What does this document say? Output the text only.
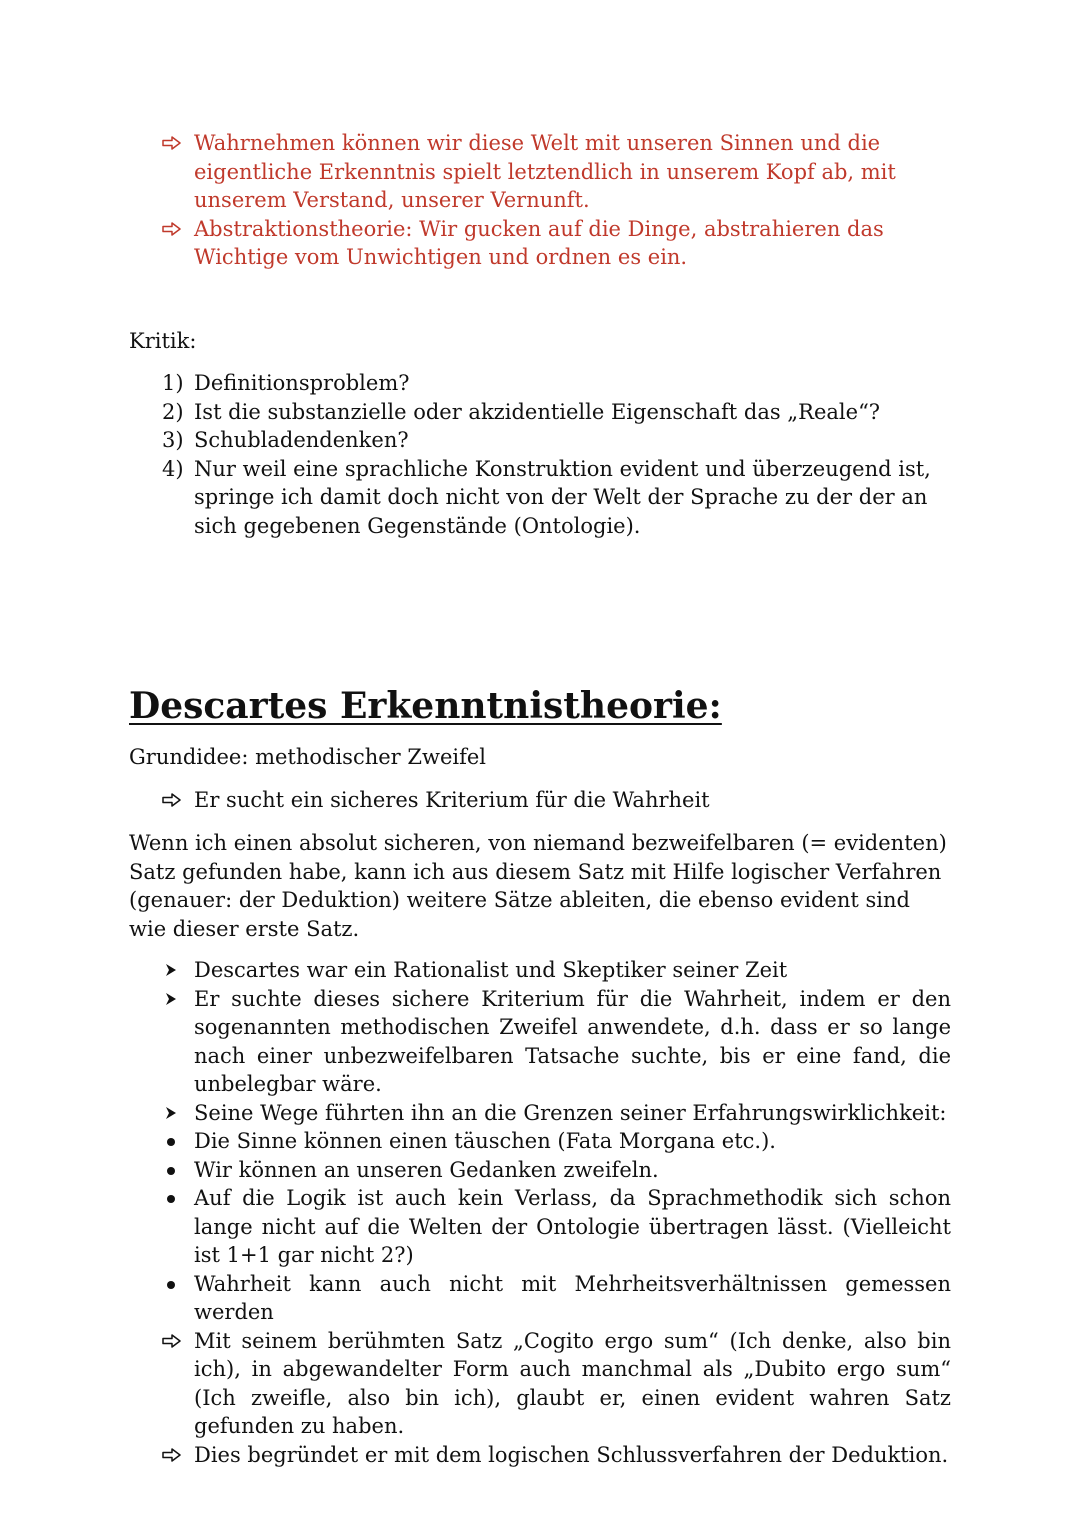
Wahrnehmen können wir diese Welt mit unseren Sinnen und die eigentliche Erkenntnis spielt letztendlich in unserem Kopf ab, mit unserem Verstand, unserer Vernunft.
Abstraktionstheorie: Wir gucken auf die Dinge, abstrahieren das Wichtige vom Unwichtigen und ordnen es ein.

Kritik:

1) Definitionsproblem?
2) Ist die substanzielle oder akzidentielle Eigenschaft das „Reale“?
3) Schubladendenken?
4) Nur weil eine sprachliche Konstruktion evident und überzeugend ist, springe ich damit doch nicht von der Welt der Sprache zu der der an sich gegebenen Gegenstände (Ontologie).
Descartes Erkenntnistheorie:

Grundidee: methodischer Zweifel

Er sucht ein sicheres Kriterium für die Wahrheit

Wenn ich einen absolut sicheren, von niemand bezweifelbaren (= evidenten) Satz gefunden habe, kann ich aus diesem Satz mit Hilfe logischer Verfahren (genauer: der Deduktion) weitere Sätze ableiten, die ebenso evident sind wie dieser erste Satz.

Descartes war ein Rationalist und Skeptiker seiner Zeit
Er suchte dieses sichere Kriterium für die Wahrheit, indem er den sogenannten methodischen Zweifel anwendete, d.h. dass er so lange nach einer unbezweifelbaren Tatsache suchte, bis er eine fand, die unbelegbar wäre.
Seine Wege führten ihn an die Grenzen seiner Erfahrungswirklichkeit:
Die Sinne können einen täuschen (Fata Morgana etc.).
Wir können an unseren Gedanken zweifeln.
Auf die Logik ist auch kein Verlass, da Sprachmethodik sich schon lange nicht auf die Welten der Ontologie übertragen lässt. (Vielleicht ist 1+1 gar nicht 2?)
Wahrheit kann auch nicht mit Mehrheitsverhältnissen gemessen werden
Mit seinem berühmten Satz „Cogito ergo sum“ (Ich denke, also bin ich), in abgewandelter Form auch manchmal als „Dubito ergo sum“ (Ich zweifle, also bin ich), glaubt er, einen evident wahren Satz gefunden zu haben.
Dies begründet er mit dem logischen Schlussverfahren der Deduktion.
